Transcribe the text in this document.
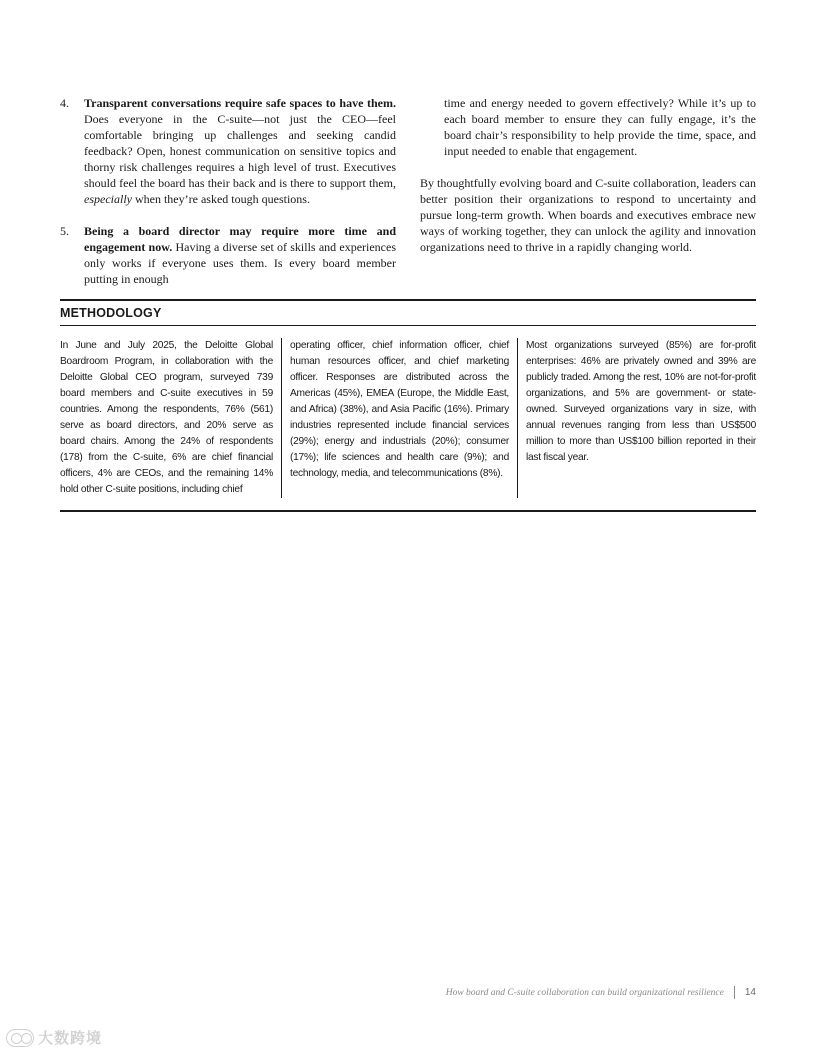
4.	Transparent conversations require safe spaces to have them. Does everyone in the C-suite—not just the CEO—feel comfortable bringing up challenges and seeking candid feedback? Open, honest communication on sensitive topics and thorny risk challenges requires a high level of trust. Executives should feel the board has their back and is there to support them, especially when they’re asked tough questions.
5.	Being a board director may require more time and engagement now. Having a diverse set of skills and experiences only works if everyone uses them. Is every board member putting in enough

time and energy needed to govern effectively? While it’s up to each board member to ensure they can fully engage, it’s the board chair’s responsibility to help provide the time, space, and input needed to enable that engagement.

By thoughtfully evolving board and C-suite collaboration, leaders can better position their organizations to respond to uncertainty and pursue long-term growth. When boards and executives embrace new ways of working together, they can unlock the agility and innovation organizations need to thrive in a rapidly changing world.

METHODOLOGY

In June and July 2025, the Deloitte Global Boardroom Program, in collaboration with the Deloitte Global CEO program, surveyed 739 board members and C-suite executives in 59 countries. Among the respondents, 76% (561) serve as board directors, and 20% serve as board chairs. Among the 24% of respondents (178) from the C-suite, 6% are chief financial officers, 4% are CEOs, and the remaining 14% hold other C-suite positions, including chief

operating officer, chief information officer, chief human resources officer, and chief marketing officer. Responses are distributed across the Americas (45%), EMEA (Europe, the Middle East, and Africa) (38%), and Asia Pacific (16%). Primary industries represented include financial services (29%); energy and industrials (20%); consumer (17%); life sciences and health care (9%); and technology, media, and telecommunications (8%).

Most organizations surveyed (85%) are for-profit enterprises: 46% are privately owned and 39% are publicly traded. Among the rest, 10% are not-for-profit organizations, and 5% are government- or state-owned. Surveyed organizations vary in size, with annual revenues ranging from less than US$500 million to more than US$100 billion reported in their last fiscal year.

How board and C-suite collaboration can build organizational resilience 14
大数跨境
